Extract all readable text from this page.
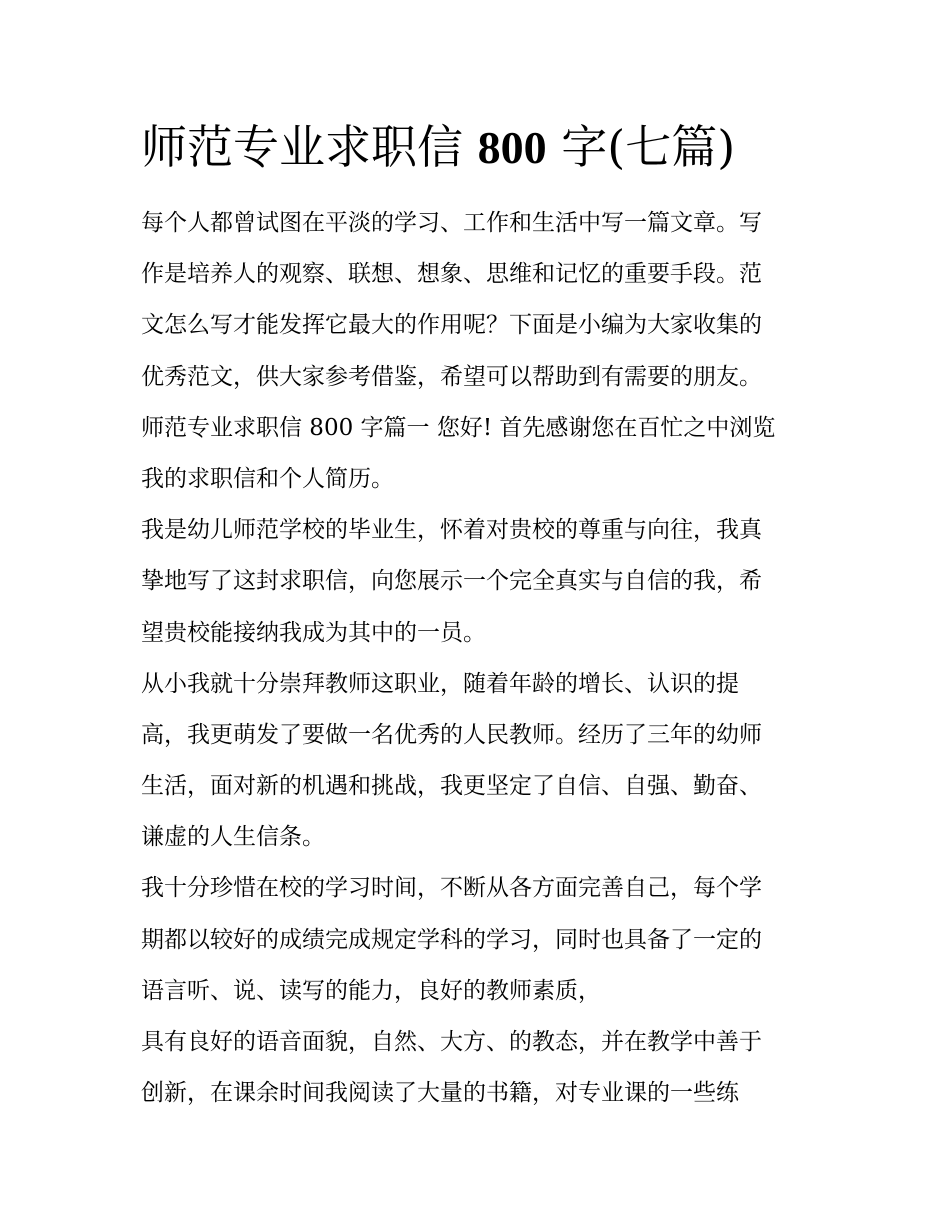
师范专业求职信 800 字(七篇)

每个人都曾试图在平淡的学习、工作和生活中写一篇文章。写
作是培养人的观察、联想、想象、思维和记忆的重要手段。范
文怎么写才能发挥它最大的作用呢？下面是小编为大家收集的
优秀范文，供大家参考借鉴，希望可以帮助到有需要的朋友。

师范专业求职信 800 字篇一 您好! 首先感谢您在百忙之中浏览
我的求职信和个人简历。

我是幼儿师范学校的毕业生，怀着对贵校的尊重与向往，我真
挚地写了这封求职信，向您展示一个完全真实与自信的我，希
望贵校能接纳我成为其中的一员。

从小我就十分崇拜教师这职业，随着年龄的增长、认识的提
高，我更萌发了要做一名优秀的人民教师。经历了三年的幼师
生活，面对新的机遇和挑战，我更坚定了自信、自强、勤奋、
谦虚的人生信条。

我十分珍惜在校的学习时间，不断从各方面完善自己，每个学
期都以较好的成绩完成规定学科的学习，同时也具备了一定的
语言听、说、读写的能力，良好的教师素质，

具有良好的语音面貌，自然、大方、的教态，并在教学中善于
创新，在课余时间我阅读了大量的书籍，对专业课的一些练
